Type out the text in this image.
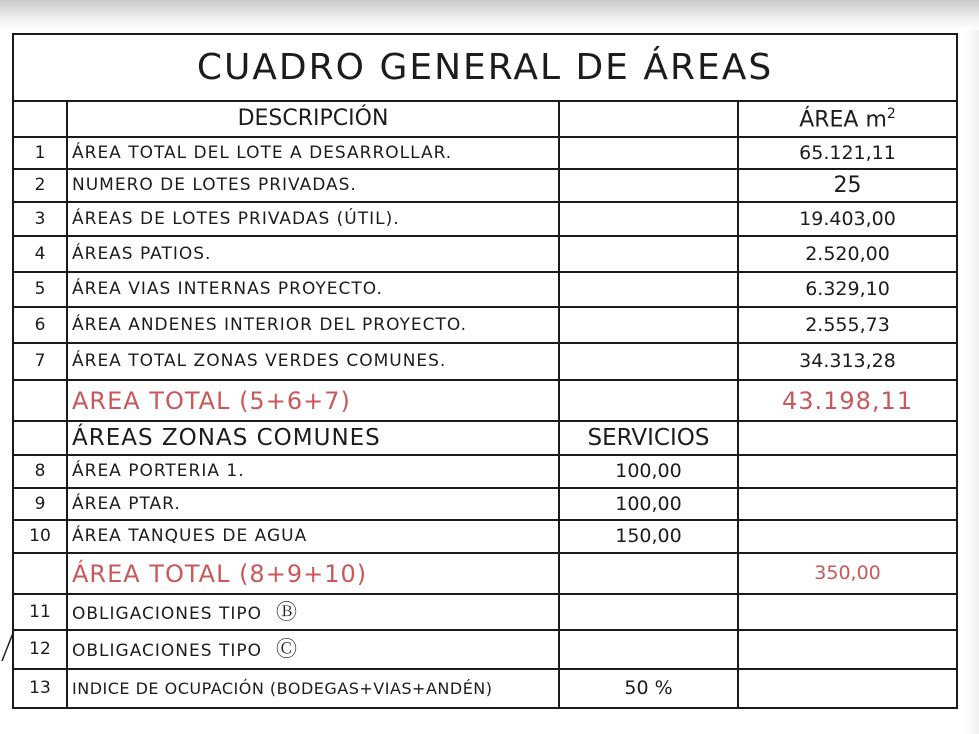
CUADRO GENERAL DE ÁREAS			
	DESCRIPCIÓN		ÁREA $m^2$
1	ÁREA TOTAL DEL LOTE A DESARROLLAR.		65.121,11
2	NUMERO DE LOTES PRIVADAS.		25
3	ÁREAS DE LOTES PRIVADAS (ÚTIL).		19.403,00
4	ÁREAS PATIOS.		2.520,00
5	ÁREA VIAS INTERNAS PROYECTO.		6.329,10
6	ÁREA ANDENES INTERIOR DEL PROYECTO.		2.555,73
7	ÁREA TOTAL ZONAS VERDES COMUNES.		34.313,28
	AREA TOTAL (5+6+7)		43.198,11
	ÁREAS ZONAS COMUNES	SERVICIOS	
8	ÁREA PORTERIA 1.	100,00	
9	ÁREA PTAR.	100,00	
10	ÁREA TANQUES DE AGUA	150,00	
	ÁREA TOTAL (8+9+10)		350,00
11	OBLIGACIONES TIPO Ⓑ		
12	OBLIGACIONES TIPO Ⓒ		
13	INDICE DE OCUPACIÓN (BODEGAS+VIAS+ANDÉN)	50 %	
